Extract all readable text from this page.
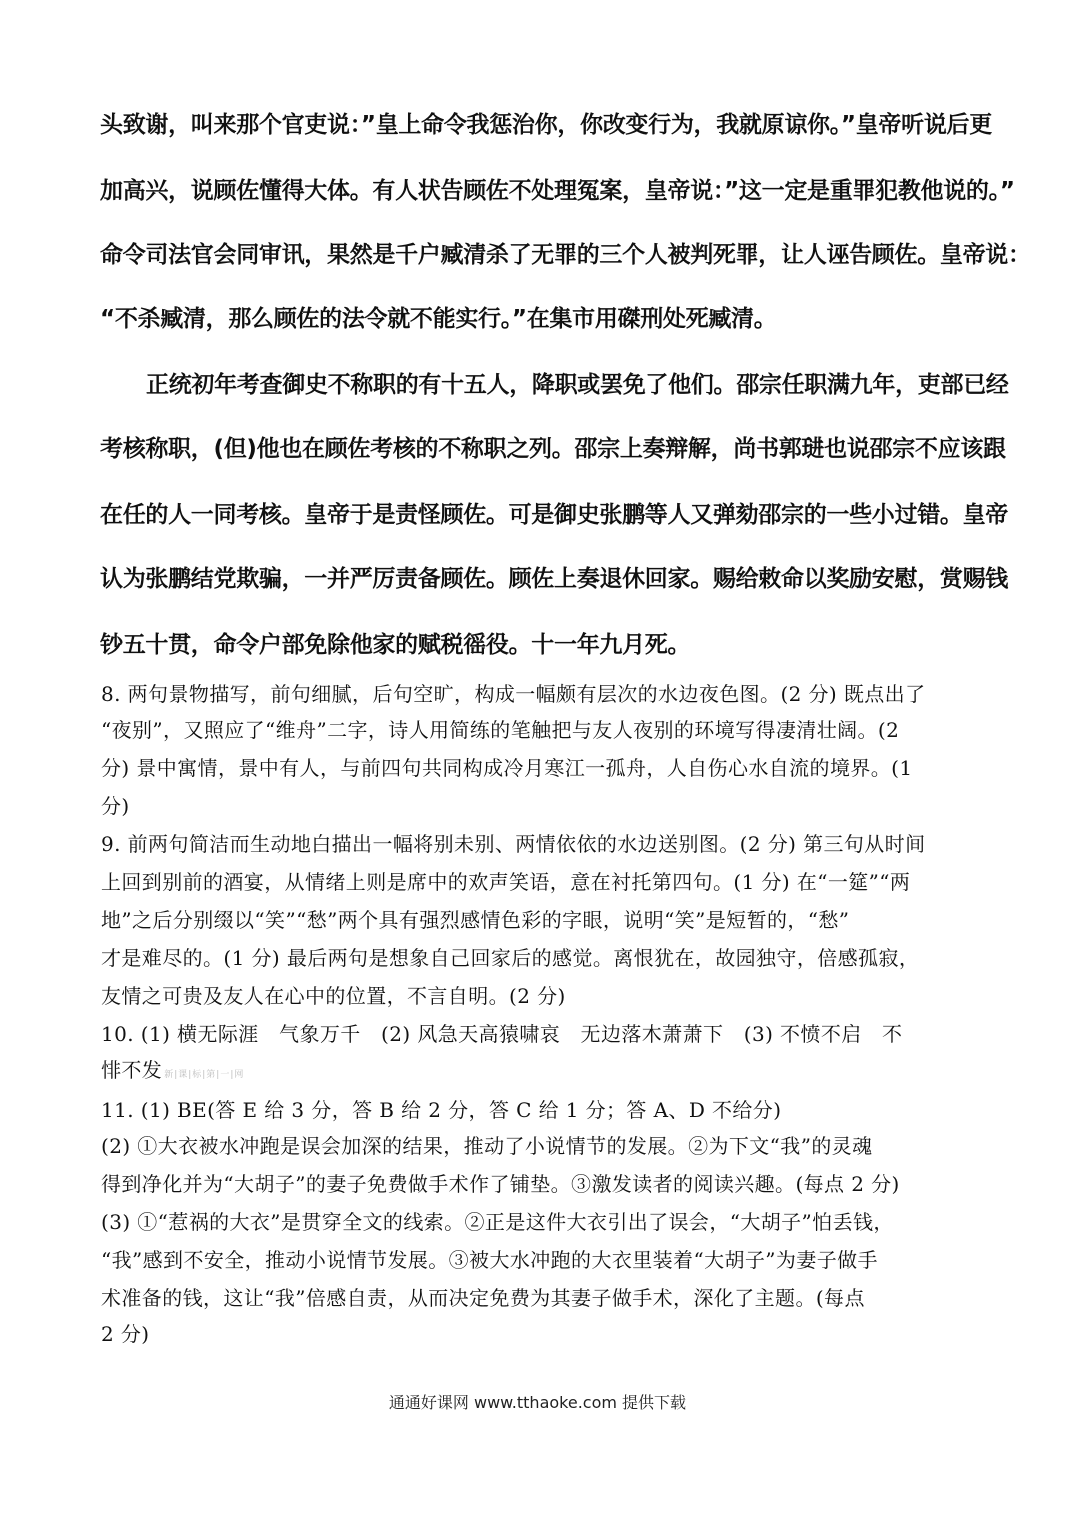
头致谢，叫来那个官吏说：”皇上命令我惩治你，你改变行为，我就原谅你。”皇帝听说后更
加高兴，说顾佐懂得大体。有人状告顾佐不处理冤案，皇帝说：”这一定是重罪犯教他说的。”
命令司法官会同审讯，果然是千户臧清杀了无罪的三个人被判死罪，让人诬告顾佐。皇帝说：
“不杀臧清，那么顾佐的法令就不能实行。”在集市用磔刑处死臧清。
正统初年考查御史不称职的有十五人，降职或罢免了他们。邵宗任职满九年，吏部已经
考核称职，(但)他也在顾佐考核的不称职之列。邵宗上奏辩解，尚书郭琎也说邵宗不应该跟
在任的人一同考核。皇帝于是责怪顾佐。可是御史张鹏等人又弹劾邵宗的一些小过错。皇帝
认为张鹏结党欺骗，一并严厉责备顾佐。顾佐上奏退休回家。赐给敕命以奖励安慰，赏赐钱
钞五十贯，命令户部免除他家的赋税徭役。十一年九月死。
8. 两句景物描写，前句细腻，后句空旷，构成一幅颇有层次的水边夜色图。(2 分) 既点出了
“夜别”，又照应了“维舟”二字，诗人用简练的笔触把与友人夜别的环境写得凄清壮阔。(2
分) 景中寓情，景中有人，与前四句共同构成冷月寒江一孤舟，人自伤心水自流的境界。(1
分)
9. 前两句简洁而生动地白描出一幅将别未别、两情依依的水边送别图。(2 分) 第三句从时间
上回到别前的酒宴，从情绪上则是席中的欢声笑语，意在衬托第四句。(1 分) 在“一筵”“两
地”之后分别缀以“笑”“愁”两个具有强烈感情色彩的字眼，说明“笑”是短暂的，“愁”
才是难尽的。(1 分) 最后两句是想象自己回家后的感觉。离恨犹在，故园独守，倍感孤寂，
友情之可贵及友人在心中的位置，不言自明。(2 分)
10. (1) 横无际涯　气象万千　(2) 风急天高猿啸哀　无边落木萧萧下　(3) 不愤不启　不
悱不发 新|课|标|第|一|网
11. (1) BE(答 E 给 3 分，答 B 给 2 分，答 C 给 1 分；答 A、D 不给分)
(2) ①大衣被水冲跑是误会加深的结果，推动了小说情节的发展。②为下文“我”的灵魂
得到净化并为“大胡子”的妻子免费做手术作了铺垫。③激发读者的阅读兴趣。(每点 2 分)
(3) ①“惹祸的大衣”是贯穿全文的线索。②正是这件大衣引出了误会，“大胡子”怕丢钱，
“我”感到不安全，推动小说情节发展。③被大水冲跑的大衣里装着“大胡子”为妻子做手
术准备的钱，这让“我”倍感自责，从而决定免费为其妻子做手术，深化了主题。(每点
2 分)
通通好课网 www.tthaoke.com 提供下载
